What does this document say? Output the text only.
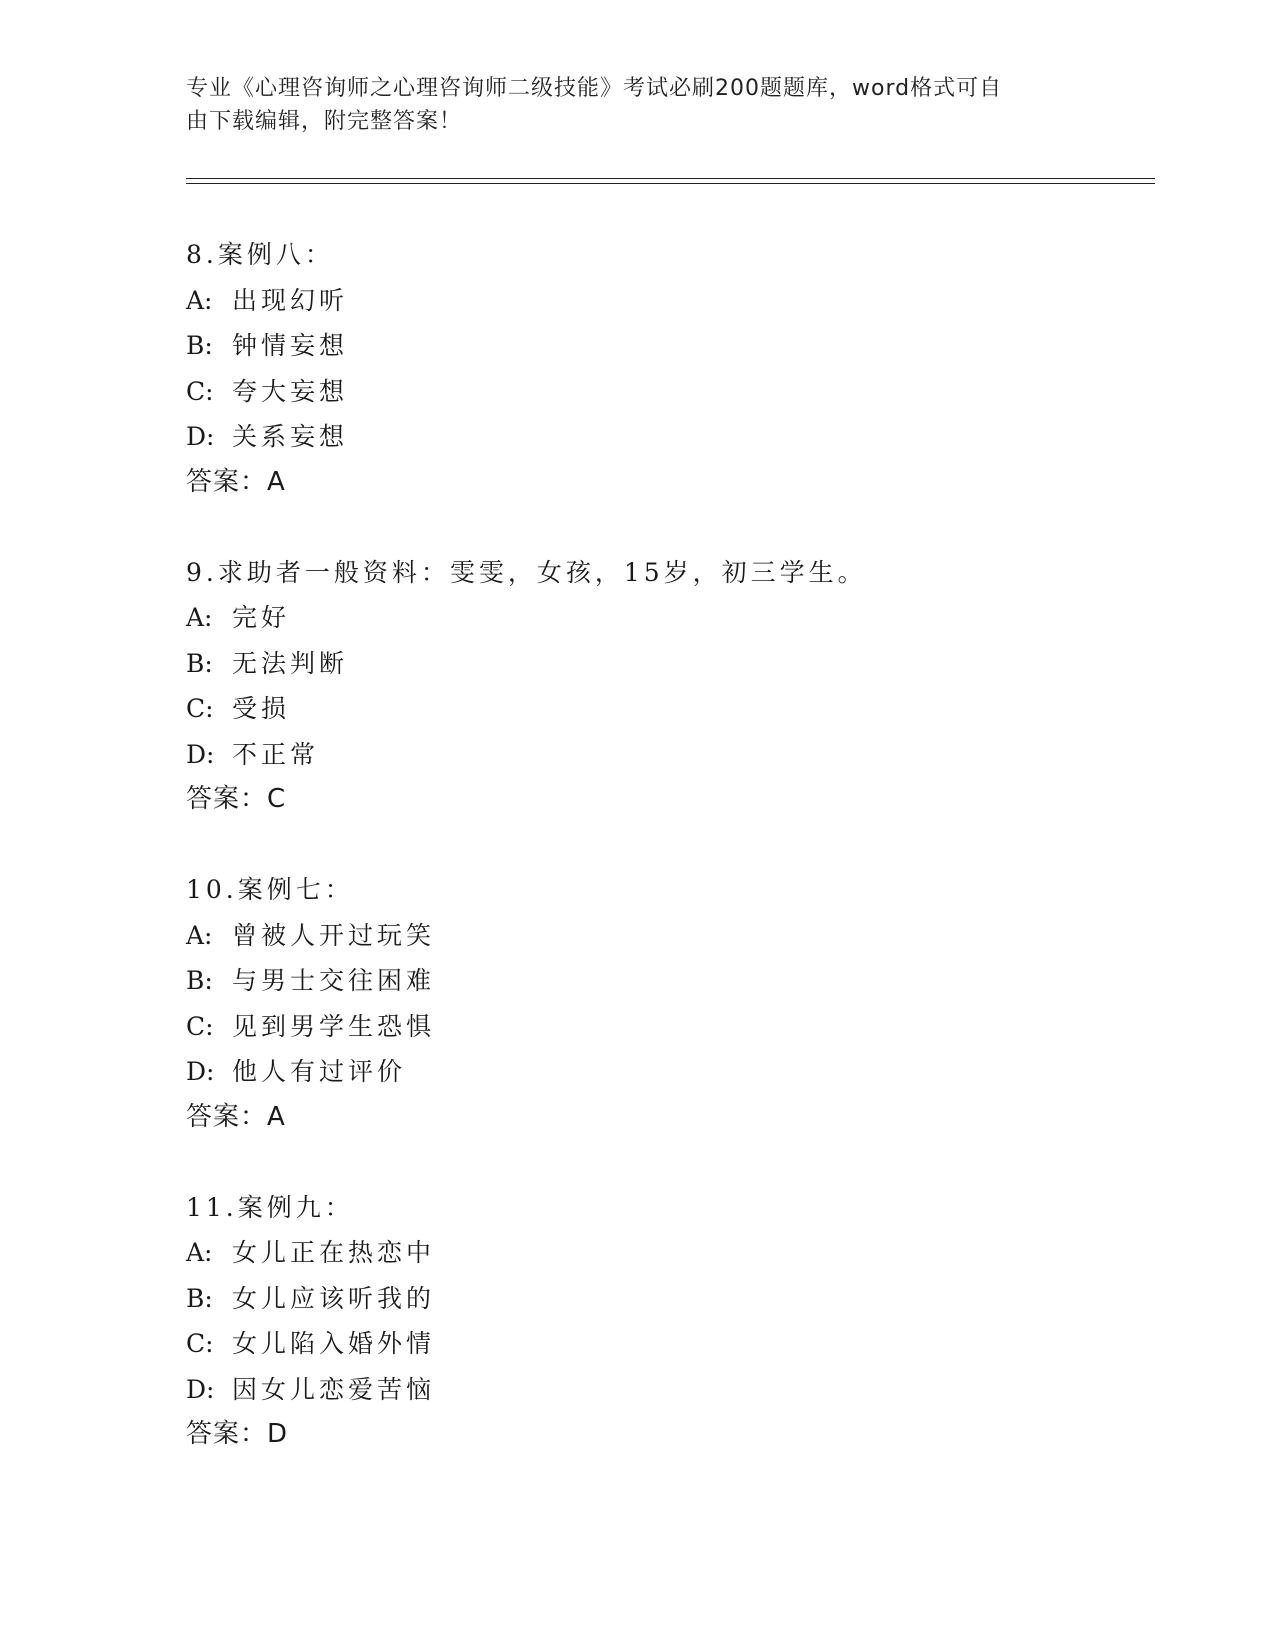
专业《心理咨询师之心理咨询师二级技能》考试必刷200题题库，word格式可自
由下载编辑，附完整答案！
8.案例八：
A: 出现幻听
B: 钟情妄想
C: 夸大妄想
D: 关系妄想
答案：A
9.求助者一般资料：雯雯，女孩，15岁，初三学生。
A: 完好
B: 无法判断
C: 受损
D: 不正常
答案：C
10.案例七：
A: 曾被人开过玩笑
B: 与男士交往困难
C: 见到男学生恐惧
D: 他人有过评价
答案：A
11.案例九：
A: 女儿正在热恋中
B: 女儿应该听我的
C: 女儿陷入婚外情
D: 因女儿恋爱苦恼
答案：D
